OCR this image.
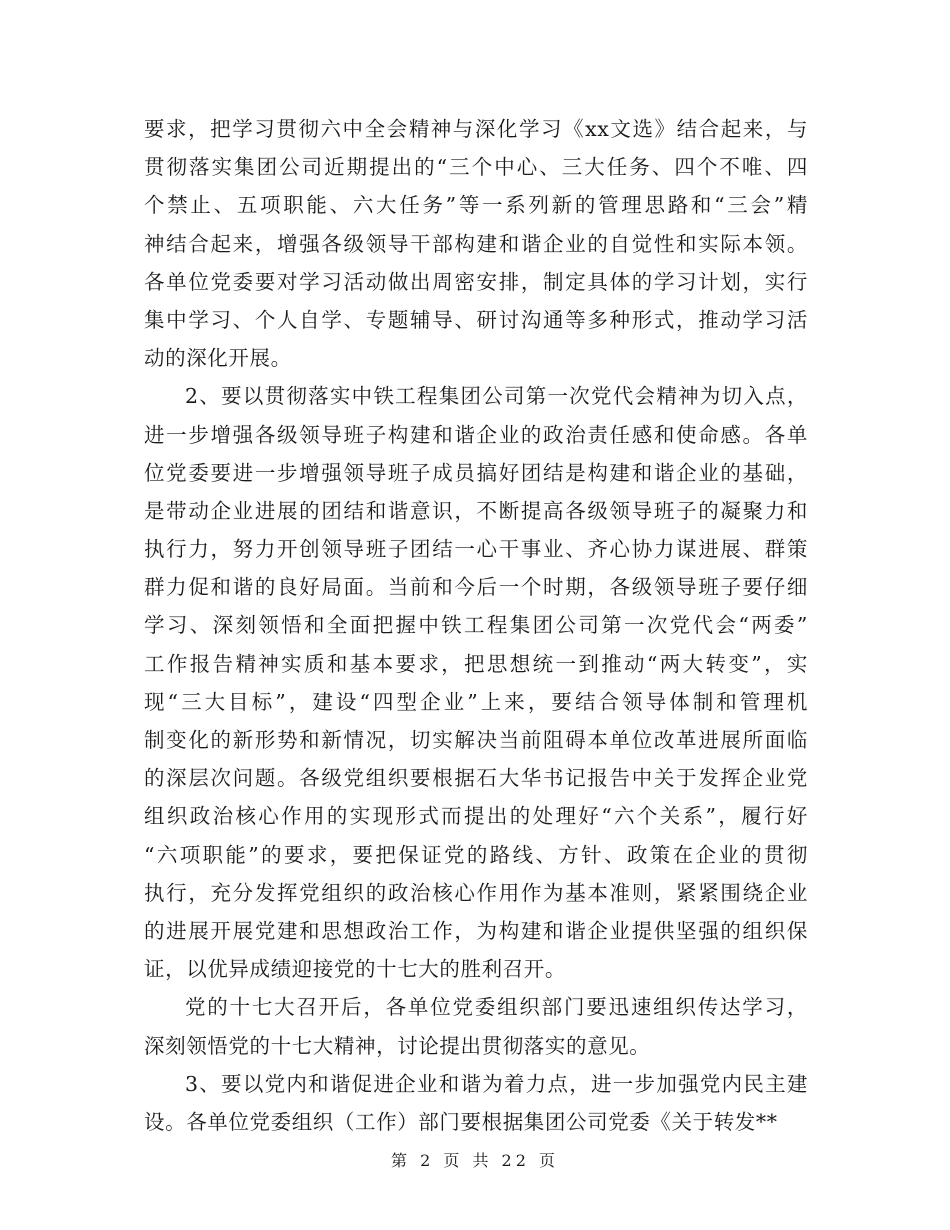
要求，把学习贯彻六中全会精神与深化学习《xx文选》结合起来，与
贯彻落实集团公司近期提出的“三个中心、三大任务、四个不唯、四
个禁止、五项职能、六大任务”等一系列新的管理思路和“三会”精
神结合起来，增强各级领导干部构建和谐企业的自觉性和实际本领。
各单位党委要对学习活动做出周密安排，制定具体的学习计划，实行
集中学习、个人自学、专题辅导、研讨沟通等多种形式，推动学习活
动的深化开展。
2、要以贯彻落实中铁工程集团公司第一次党代会精神为切入点，
进一步增强各级领导班子构建和谐企业的政治责任感和使命感。各单
位党委要进一步增强领导班子成员搞好团结是构建和谐企业的基础，
是带动企业进展的团结和谐意识，不断提高各级领导班子的凝聚力和
执行力，努力开创领导班子团结一心干事业、齐心协力谋进展、群策
群力促和谐的良好局面。当前和今后一个时期，各级领导班子要仔细
学习、深刻领悟和全面把握中铁工程集团公司第一次党代会“两委”
工作报告精神实质和基本要求，把思想统一到推动“两大转变”，实
现“三大目标”，建设“四型企业”上来，要结合领导体制和管理机
制变化的新形势和新情况，切实解决当前阻碍本单位改革进展所面临
的深层次问题。各级党组织要根据石大华书记报告中关于发挥企业党
组织政治核心作用的实现形式而提出的处理好“六个关系”，履行好
“六项职能”的要求，要把保证党的路线、方针、政策在企业的贯彻
执行，充分发挥党组织的政治核心作用作为基本准则，紧紧围绕企业
的进展开展党建和思想政治工作，为构建和谐企业提供坚强的组织保
证，以优异成绩迎接党的十七大的胜利召开。
党的十七大召开后，各单位党委组织部门要迅速组织传达学习，
深刻领悟党的十七大精神，讨论提出贯彻落实的意见。
3、要以党内和谐促进企业和谐为着力点，进一步加强党内民主建
设。各单位党委组织（工作）部门要根据集团公司党委《关于转发**
第 2 页 共 22 页
